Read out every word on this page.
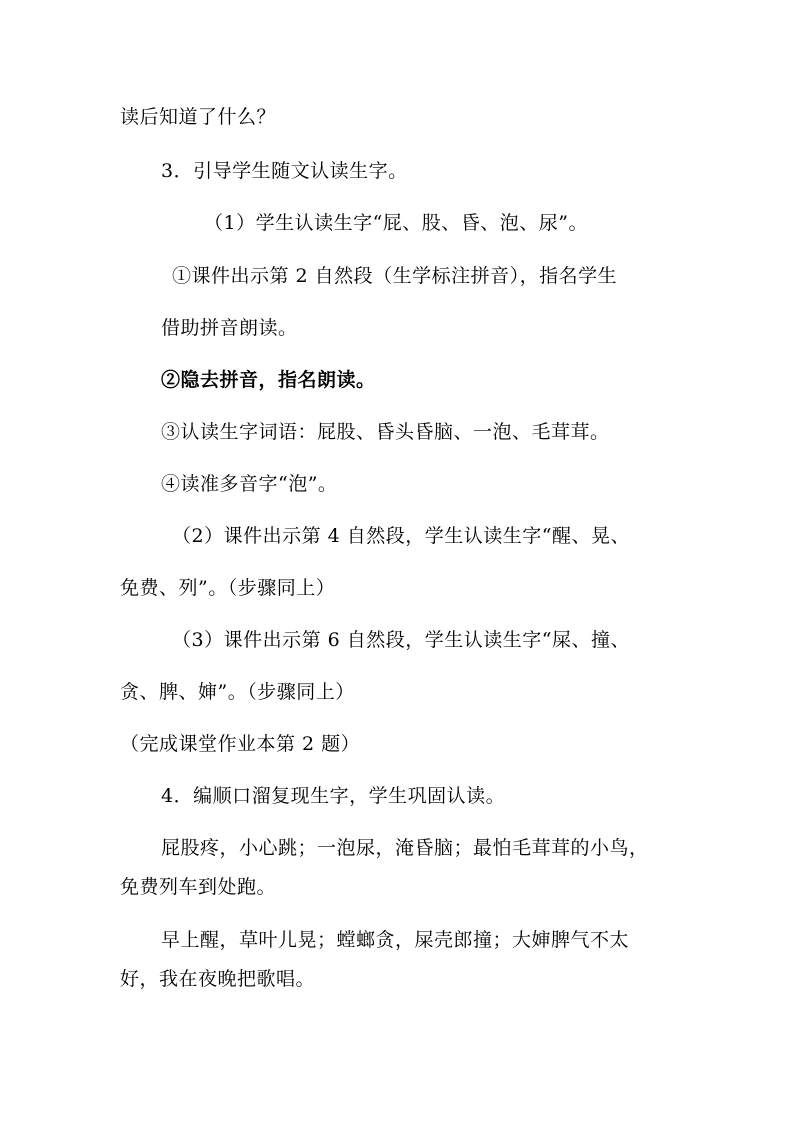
读后知道了什么？
3．引导学生随文认读生字。
（1）学生认读生字“屁、股、昏、泡、尿”。
①课件出示第 2 自然段（生学标注拼音），指名学生
借助拼音朗读。
②隐去拼音，指名朗读。
③认读生字词语：屁股、昏头昏脑、一泡、毛茸茸。
④读准多音字“泡”。
（2）课件出示第 4 自然段，学生认读生字“醒、晃、
免费、列”。（步骤同上）
（3）课件出示第 6 自然段，学生认读生字“屎、撞、
贪、脾、婶”。（步骤同上）
（完成课堂作业本第 2 题）
4．编顺口溜复现生字，学生巩固认读。
屁股疼，小心跳；一泡尿，淹昏脑；最怕毛茸茸的小鸟，
免费列车到处跑。
早上醒，草叶儿晃；螳螂贪，屎壳郎撞；大婶脾气不太
好，我在夜晚把歌唱。
